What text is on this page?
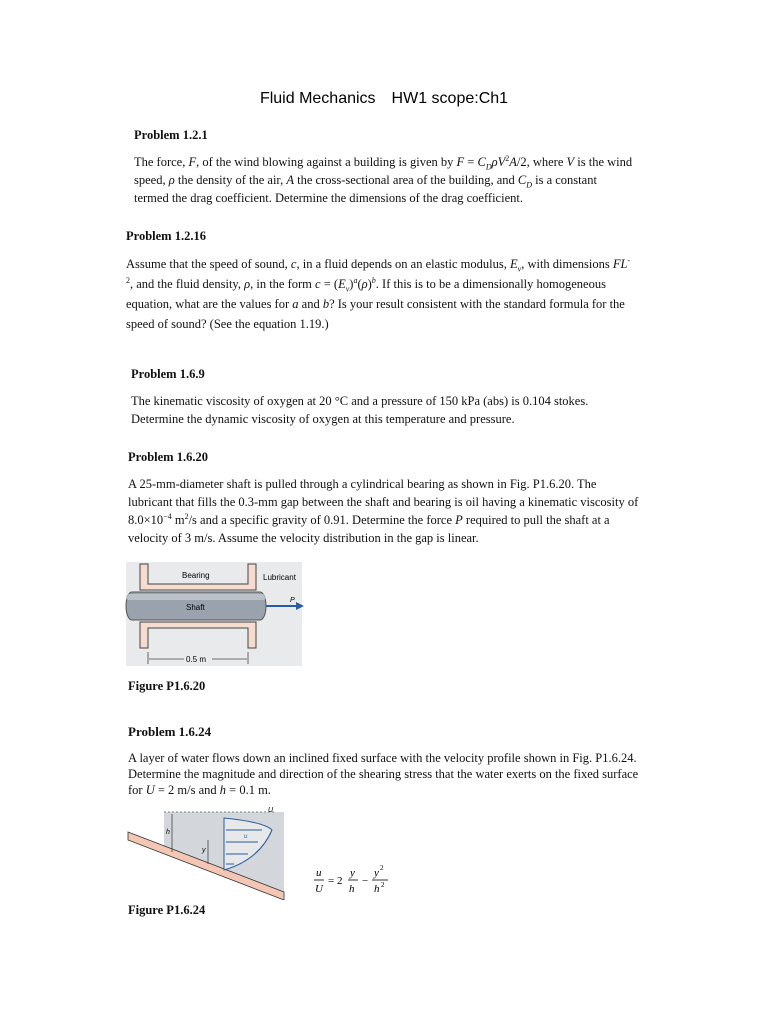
Fluid Mechanics HW1 scope:Ch1

Problem 1.2.1

The force, F, of the wind blowing against a building is given by $F = C_D\rho V^2A/2$, where V is the wind speed, ρ the density of the air, A the cross-sectional area of the building, and $C_D$ is a constant termed the drag coefficient. Determine the dimensions of the drag coefficient.

Problem 1.2.16

Assume that the speed of sound, c, in a fluid depends on an elastic modulus, $E_v$, with dimensions $FL^{-2}$, and the fluid density, ρ, in the form $c = (E_v)^a(\rho)^b$. If this is to be a dimensionally homogeneous equation, what are the values for a and b? Is your result consistent with the standard formula for the speed of sound? (See the equation 1.19.)

Problem 1.6.9

The kinematic viscosity of oxygen at 20 °C and a pressure of 150 kPa (abs) is 0.104 stokes. Determine the dynamic viscosity of oxygen at this temperature and pressure.

Problem 1.6.20

A 25-mm-diameter shaft is pulled through a cylindrical bearing as shown in Fig. P1.6.20. The lubricant that fills the 0.3-mm gap between the shaft and bearing is oil having a kinematic viscosity of $8.0\times 10^{-4}$ $m^2/s$ and a specific gravity of 0.91. Determine the force P required to pull the shaft at a velocity of 3 m/s. Assume the velocity distribution in the gap is linear.

P
Bearing	Lubricant
Shaft
0.5 m
Figure P1.6.20

Problem 1.6.24

A layer of water flows down an inclined fixed surface with the velocity profile shown in Fig. P1.6.24. Determine the magnitude and direction of the shearing stress that the water exerts on the fixed surface for U = 2 m/s and h = 0.1 m.

h
y
U
u
u
U
= 2
y
h
−
y 2
h 2
Figure P1.6.24
